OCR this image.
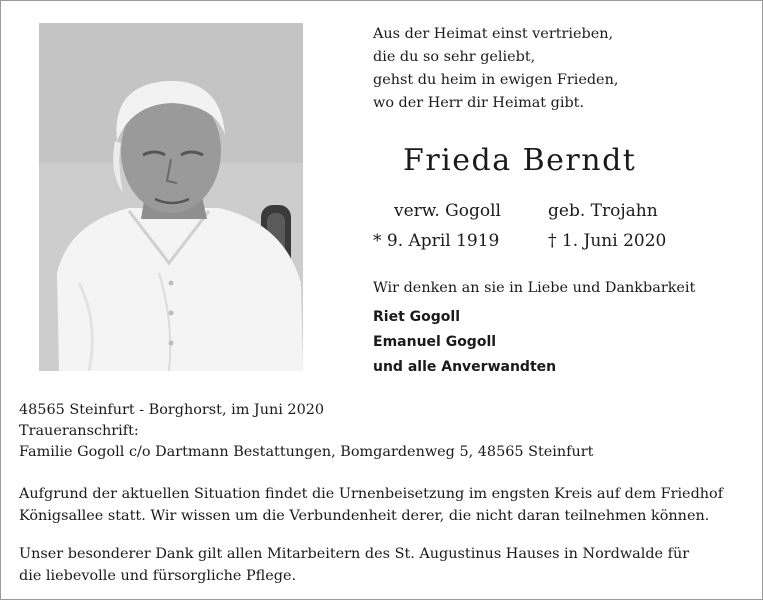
Aus der Heimat einst vertrieben,
die du so sehr geliebt,
gehst du heim in ewigen Frieden,
wo der Herr dir Heimat gibt.
Frieda Berndt
verw. Gogoll	geb. Trojahn
* 9. April 1919	† 1. Juni 2020
Wir denken an sie in Liebe und Dankbarkeit
Riet Gogoll
Emanuel Gogoll
und alle Anverwandten
48565 Steinfurt - Borghorst, im Juni 2020
Traueranschrift:
Familie Gogoll c/o Dartmann Bestattungen, Bomgardenweg 5, 48565 Steinfurt
Aufgrund der aktuellen Situation findet die Urnenbeisetzung im engsten Kreis auf dem Friedhof
Königsallee statt. Wir wissen um die Verbundenheit derer, die nicht daran teilnehmen können.
Unser besonderer Dank gilt allen Mitarbeitern des St. Augustinus Hauses in Nordwalde für
die liebevolle und fürsorgliche Pflege.
